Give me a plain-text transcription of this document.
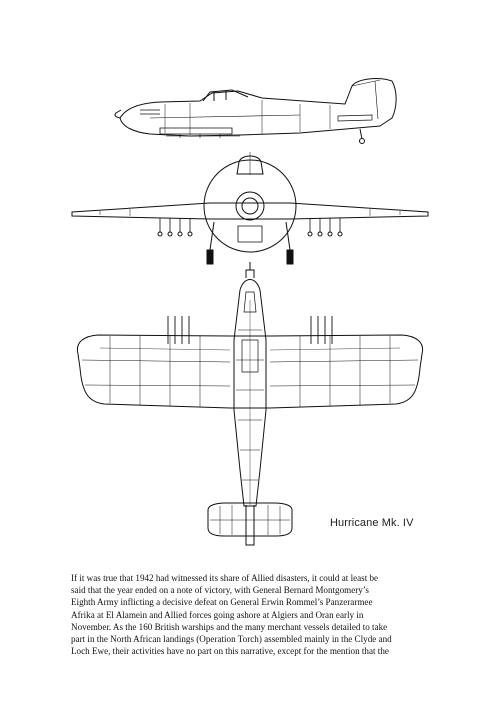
Hurricane Mk. IV
If it was true that 1942 had witnessed its share of Allied disasters, it could at least be
said that the year ended on a note of victory, with General Bernard Montgomery’s
Eighth Army inflicting a decisive defeat on General Erwin Rommel’s Panzerarmee
Afrika at El Alamein and Allied forces going ashore at Algiers and Oran early in
November. As the 160 British warships and the many merchant vessels detailed to take
part in the North African landings (Operation Torch) assembled mainly in the Clyde and
Loch Ewe, their activities have no part on this narrative, except for the mention that the
